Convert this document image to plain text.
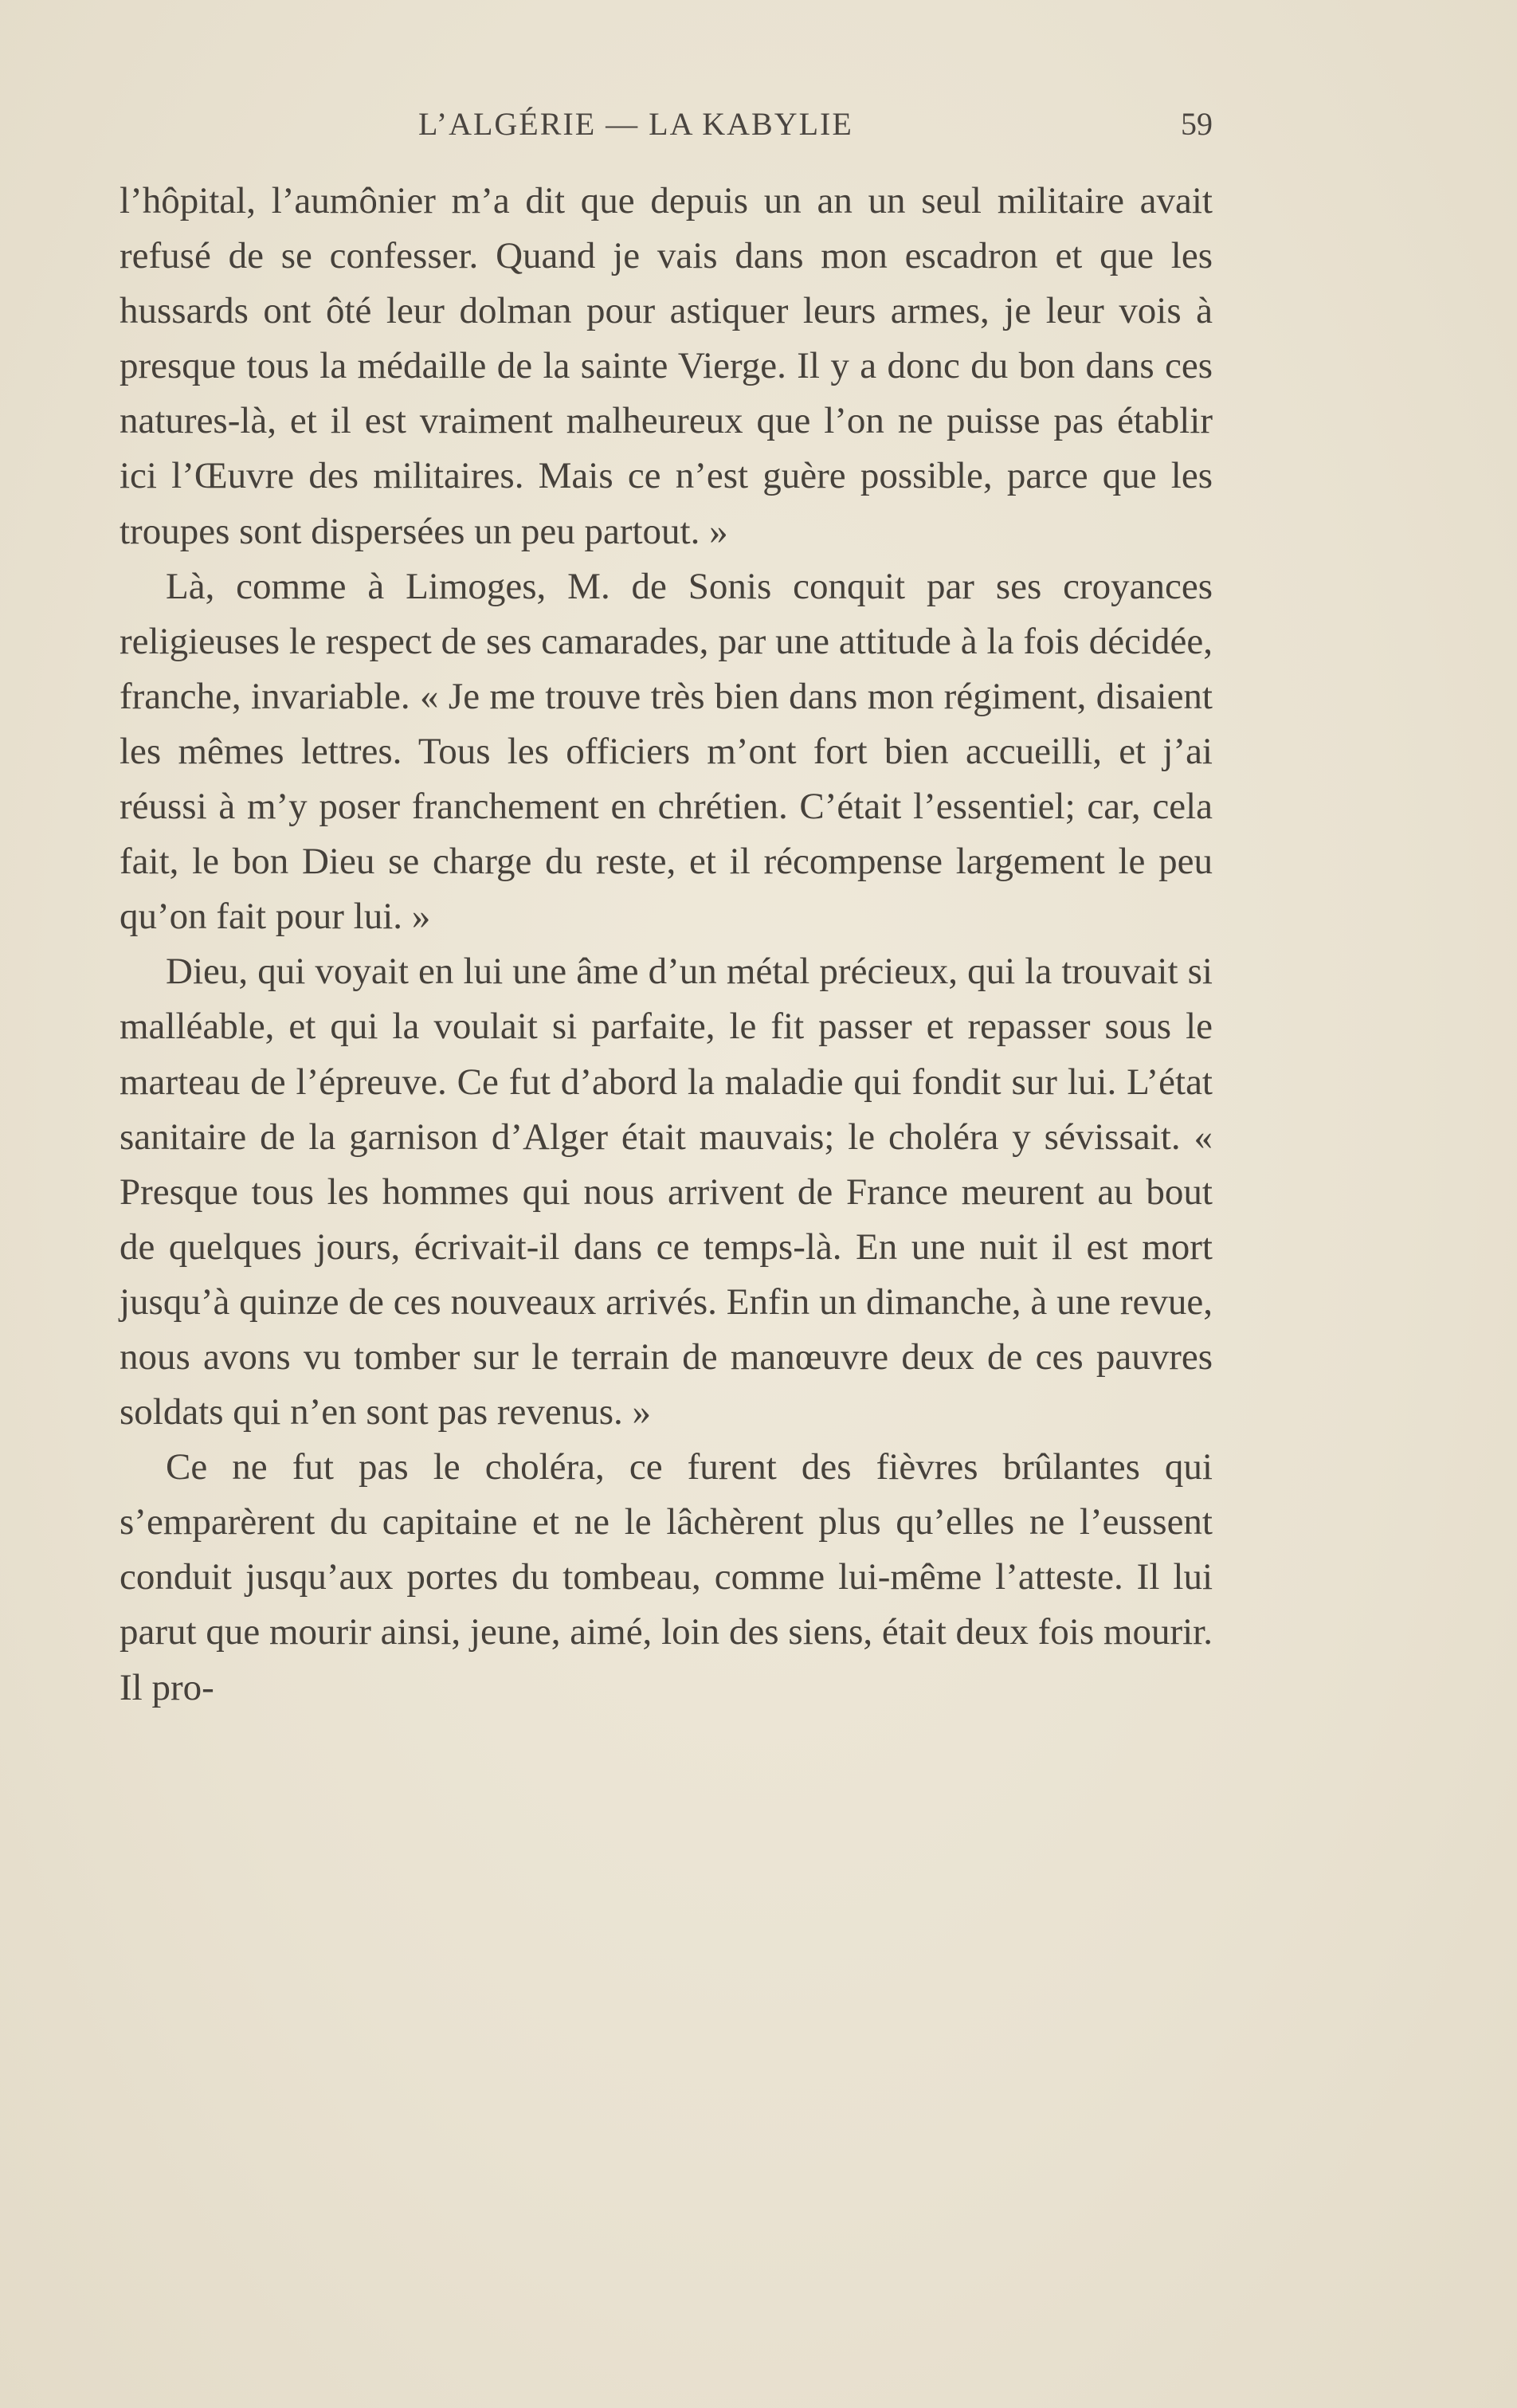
L’ALGÉRIE — LA KABYLIE	59

l’hôpital, l’aumônier m’a dit que depuis un an un seul militaire avait refusé de se confesser. Quand je vais dans mon escadron et que les hussards ont ôté leur dolman pour astiquer leurs armes, je leur vois à presque tous la médaille de la sainte Vierge. Il y a donc du bon dans ces natures-là, et il est vraiment malheureux que l’on ne puisse pas établir ici l’Œuvre des militaires. Mais ce n’est guère possible, parce que les troupes sont dispersées un peu partout. »

Là, comme à Limoges, M. de Sonis conquit par ses croyances religieuses le respect de ses camarades, par une attitude à la fois décidée, franche, invariable. « Je me trouve très bien dans mon régiment, disaient les mêmes lettres. Tous les officiers m’ont fort bien accueilli, et j’ai réussi à m’y poser franchement en chrétien. C’était l’essentiel; car, cela fait, le bon Dieu se charge du reste, et il récompense largement le peu qu’on fait pour lui. »

Dieu, qui voyait en lui une âme d’un métal précieux, qui la trouvait si malléable, et qui la voulait si parfaite, le fit passer et repasser sous le marteau de l’épreuve. Ce fut d’abord la maladie qui fondit sur lui. L’état sanitaire de la garnison d’Alger était mauvais; le choléra y sévissait. « Presque tous les hommes qui nous arrivent de France meurent au bout de quelques jours, écrivait-il dans ce temps-là. En une nuit il est mort jusqu’à quinze de ces nouveaux arrivés. Enfin un dimanche, à une revue, nous avons vu tomber sur le terrain de manœuvre deux de ces pauvres soldats qui n’en sont pas revenus. »

Ce ne fut pas le choléra, ce furent des fièvres brûlantes qui s’emparèrent du capitaine et ne le lâchèrent plus qu’elles ne l’eussent conduit jusqu’aux portes du tombeau, comme lui-même l’atteste. Il lui parut que mourir ainsi, jeune, aimé, loin des siens, était deux fois mourir. Il pro-
